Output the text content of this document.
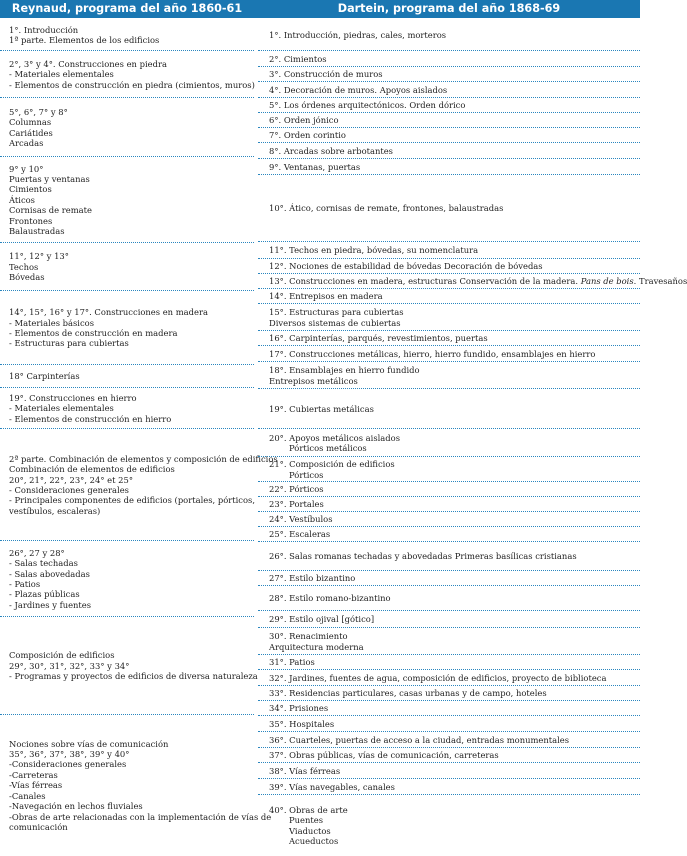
Reynaud, programa del año 1860-61	Dartein, programa del año 1868-69
1°. Introducción
1ª parte. Elementos de los edificios
2°, 3° y 4°. Construcciones en piedra
- Materiales elementales
- Elementos de construcción en piedra (cimientos, muros)
5°, 6°, 7° y 8°
Columnas
Cariátides
Arcadas
9° y 10°
Puertas y ventanas
Cimientos
Áticos
Cornisas de remate
Frontones
Balaustradas
11°, 12° y 13°
Techos
Bóvedas
14°, 15°, 16° y 17°. Construcciones en madera
- Materiales básicos
- Elementos de construcción en madera
- Estructuras para cubiertas
18° Carpinterías
19°. Construcciones en hierro
- Materiales elementales
- Elementos de construcción en hierro
2ª parte. Combinación de elementos y composición de edificios
Combinación de elementos de edificios
20°, 21°, 22°, 23°, 24° et 25°
- Consideraciones generales
- Principales componentes de edificios (portales, pórticos,
vestíbulos, escaleras)
26°, 27 y 28°
- Salas techadas
- Salas abovedadas
- Patios
- Plazas públicas
- Jardines y fuentes
Composición de edificios
29°, 30°, 31°, 32°, 33° y 34°
- Programas y proyectos de edificios de diversa naturaleza
Nociones sobre vías de comunicación
35°, 36°, 37°, 38°, 39° y 40°
-Consideraciones generales
-Carreteras
-Vías férreas
-Canales
-Navegación en lechos fluviales
-Obras de arte relacionadas con la implementación de vías de
comunicación
1°. Introducción, piedras, cales, morteros
2°. Cimientos
3°. Construcción de muros
4°. Decoración de muros. Apoyos aislados
5°. Los órdenes arquitectónicos. Orden dórico
6°. Orden jónico
7°. Orden corintio
8°. Arcadas sobre arbotantes
9°. Ventanas, puertas
10°. Ático, cornisas de remate, frontones, balaustradas
11°. Techos en piedra, bóvedas, su nomenclatura
12°. Nociones de estabilidad de bóvedas Decoración de bóvedas
13°. Construcciones en madera, estructuras Conservación de la madera. Pans de bois. Travesaños
14°. Entrepisos en madera
15°. Estructuras para cubiertas
Diversos sistemas de cubiertas
16°. Carpinterías, parqués, revestimientos, puertas
17°. Construcciones metálicas, hierro, hierro fundido, ensamblajes en hierro
18°. Ensamblajes en hierro fundido
Entrepisos metálicos
19°. Cubiertas metálicas
20°. Apoyos metálicos aislados
Pórticos metálicos
21°. Composición de edificios
Pórticos
22°. Pórticos
23°. Portales
24°. Vestíbulos
25°. Escaleras
26°. Salas romanas techadas y abovedadas Primeras basílicas cristianas
27°. Estilo bizantino
28°. Estilo romano-bizantino
29°. Estilo ojival [gótico]
30°. Renacimiento
Arquitectura moderna
31°. Patios
32°. Jardines, fuentes de agua, composición de edificios, proyecto de biblioteca
33°. Residencias particulares, casas urbanas y de campo, hoteles
34°. Prisiones
35°. Hospitales
36°. Cuarteles, puertas de acceso a la ciudad, entradas monumentales
37°. Obras públicas, vías de comunicación, carreteras
38°. Vías férreas
39°. Vías navegables, canales
40°. Obras de arte
Puentes
Viaductos
Acueductos
